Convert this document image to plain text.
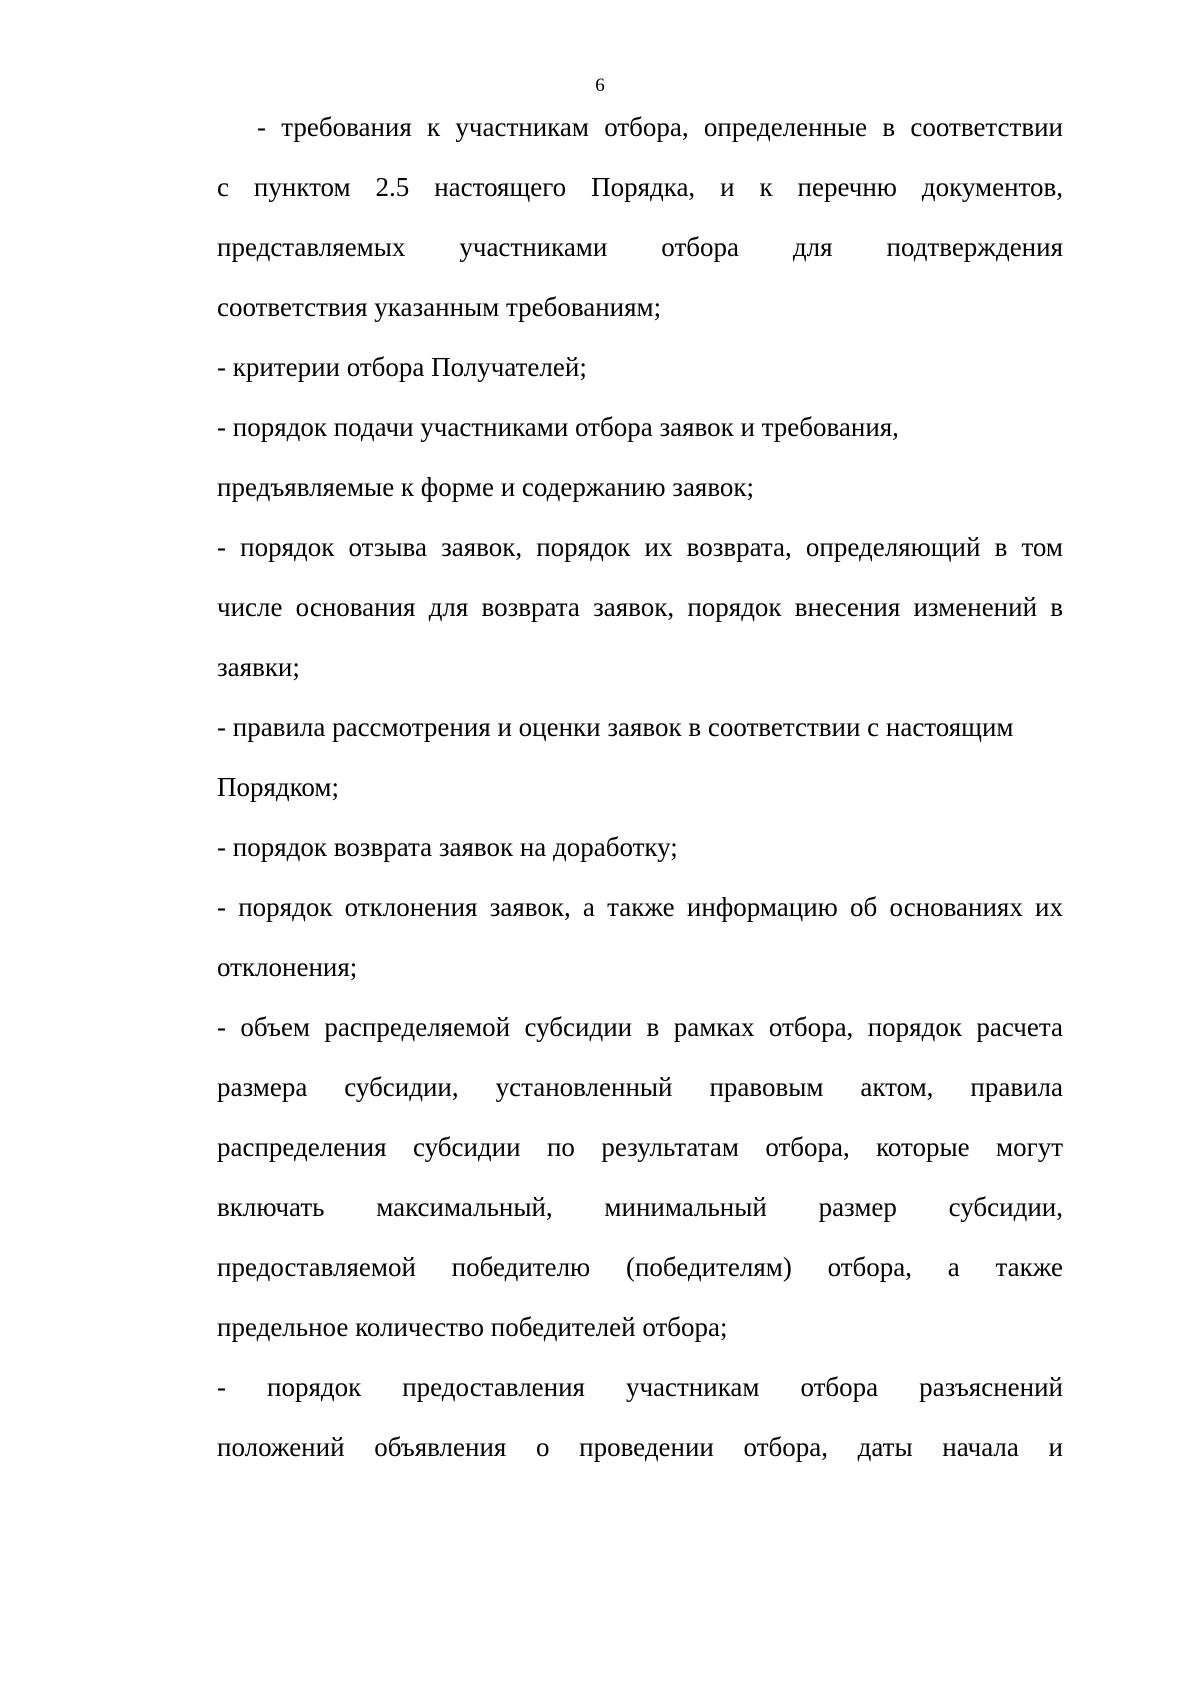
6
- требования к участникам отбора, определенные в соответствии
с пунктом 2.5 настоящего Порядка, и к перечню документов,
представляемых участниками отбора для подтверждения
соответствия указанным требованиям;
- критерии отбора Получателей;
- порядок подачи участниками отбора заявок и требования,
предъявляемые к форме и содержанию заявок;
- порядок отзыва заявок, порядок их возврата, определяющий в том
числе основания для возврата заявок, порядок внесения изменений в
заявки;
- правила рассмотрения и оценки заявок в соответствии с настоящим
Порядком;
- порядок возврата заявок на доработку;
- порядок отклонения заявок, а также информацию об основаниях их
отклонения;
- объем распределяемой субсидии в рамках отбора, порядок расчета
размера субсидии, установленный правовым актом, правила
распределения субсидии по результатам отбора, которые могут
включать максимальный, минимальный размер субсидии,
предоставляемой победителю (победителям) отбора, а также
предельное количество победителей отбора;
- порядок предоставления участникам отбора разъяснений
положений объявления о проведении отбора, даты начала и
